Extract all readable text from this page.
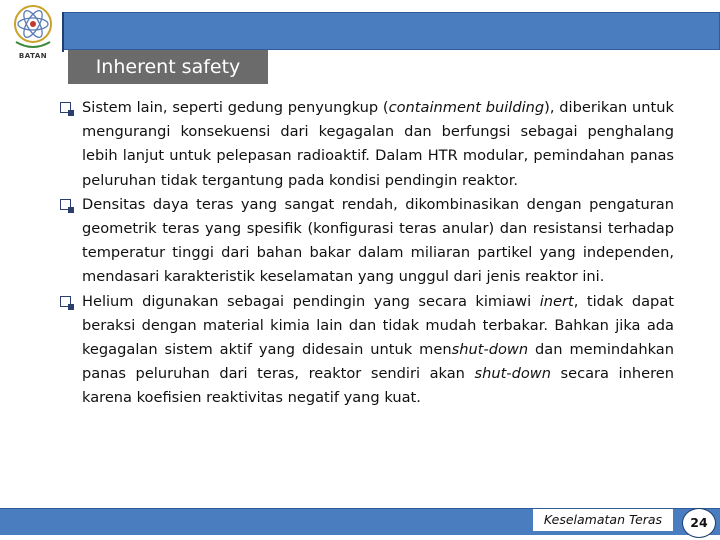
BATAN	Inherent safety

Sistem lain, seperti gedung penyungkup (containment building), diberikan untuk mengurangi konsekuensi dari kegagalan dan berfungsi sebagai penghalang lebih lanjut untuk pelepasan radioaktif. Dalam HTR modular, pemindahan panas peluruhan tidak tergantung pada kondisi pendingin reaktor.

Densitas daya teras yang sangat rendah, dikombinasikan dengan pengaturan geometrik teras yang spesifik (konfigurasi teras anular) dan resistansi terhadap temperatur tinggi dari bahan bakar dalam miliaran partikel yang independen, mendasari karakteristik keselamatan yang unggul dari jenis reaktor ini.

Helium digunakan sebagai pendingin yang secara kimiawi inert, tidak dapat beraksi dengan material kimia lain dan tidak mudah terbakar. Bahkan jika ada kegagalan sistem aktif yang didesain untuk menshut-down dan memindahkan panas peluruhan dari teras, reaktor sendiri akan shut-down secara inheren karena koefisien reaktivitas negatif yang kuat.

Keselamatan Teras	24
